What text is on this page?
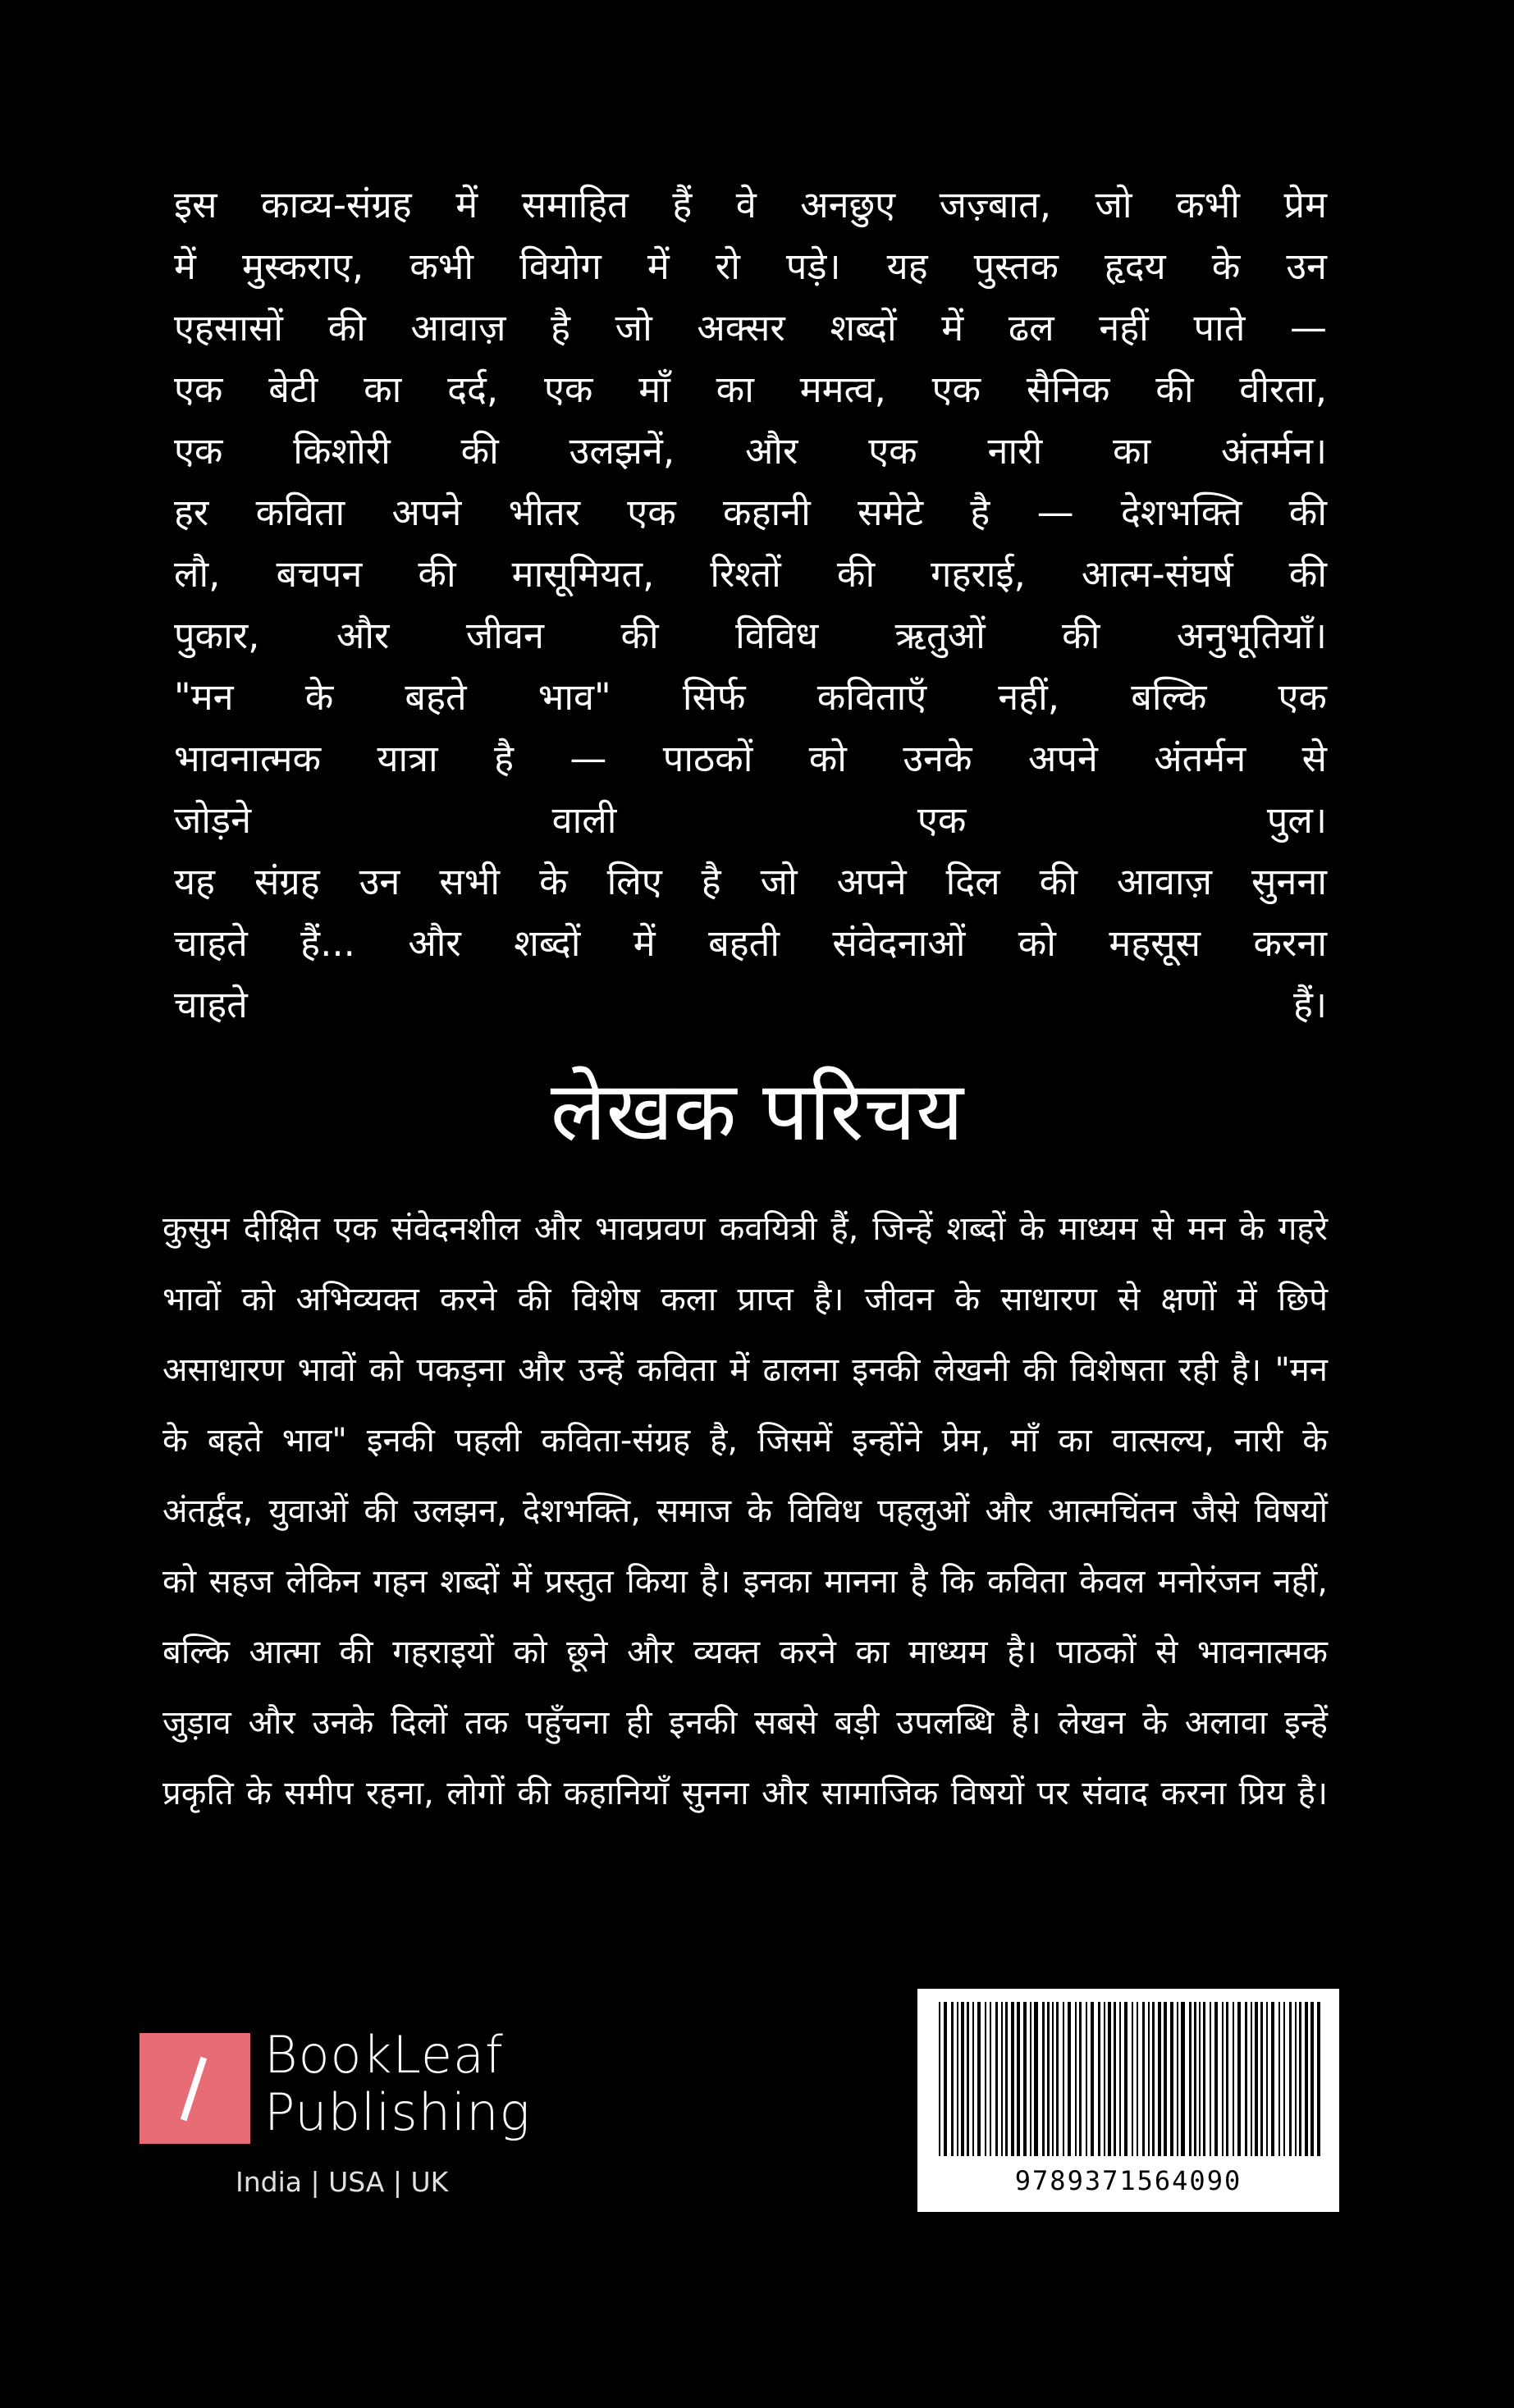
इस काव्य-संग्रह में समाहित हैं वे अनछुए जज़्बात, जो कभी प्रेम
में मुस्कराए, कभी वियोग में रो पड़े। यह पुस्तक हृदय के उन
एहसासों की आवाज़ है जो अक्सर शब्दों में ढल नहीं पाते —
एक बेटी का दर्द, एक माँ का ममत्व, एक सैनिक की वीरता,
एक किशोरी की उलझनें, और एक नारी का अंतर्मन।
हर कविता अपने भीतर एक कहानी समेटे है — देशभक्ति की
लौ, बचपन की मासूमियत, रिश्तों की गहराई, आत्म-संघर्ष की
पुकार, और जीवन की विविध ऋतुओं की अनुभूतियाँ।
"मन के बहते भाव" सिर्फ कविताएँ नहीं, बल्कि एक
भावनात्मक यात्रा है — पाठकों को उनके अपने अंतर्मन से
जोड़ने वाली एक पुल।
यह संग्रह उन सभी के लिए है जो अपने दिल की आवाज़ सुनना
चाहते हैं... और शब्दों में बहती संवेदनाओं को महसूस करना
चाहते हैं।
लेखक परिचय
कुसुम दीक्षित एक संवेदनशील और भावप्रवण कवयित्री हैं, जिन्हें शब्दों के माध्यम से मन के गहरे
भावों को अभिव्यक्त करने की विशेष कला प्राप्त है। जीवन के साधारण से क्षणों में छिपे
असाधारण भावों को पकड़ना और उन्हें कविता में ढालना इनकी लेखनी की विशेषता रही है। "मन
के बहते भाव" इनकी पहली कविता-संग्रह है, जिसमें इन्होंने प्रेम, माँ का वात्सल्य, नारी के
अंतर्द्वंद, युवाओं की उलझन, देशभक्ति, समाज के विविध पहलुओं और आत्मचिंतन जैसे विषयों
को सहज लेकिन गहन शब्दों में प्रस्तुत किया है। इनका मानना है कि कविता केवल मनोरंजन नहीं,
बल्कि आत्मा की गहराइयों को छूने और व्यक्त करने का माध्यम है। पाठकों से भावनात्मक
जुड़ाव और उनके दिलों तक पहुँचना ही इनकी सबसे बड़ी उपलब्धि है। लेखन के अलावा इन्हें
प्रकृति के समीप रहना, लोगों की कहानियाँ सुनना और सामाजिक विषयों पर संवाद करना प्रिय है।
BookLeaf
Publishing
India | USA | UK	9789371564090
